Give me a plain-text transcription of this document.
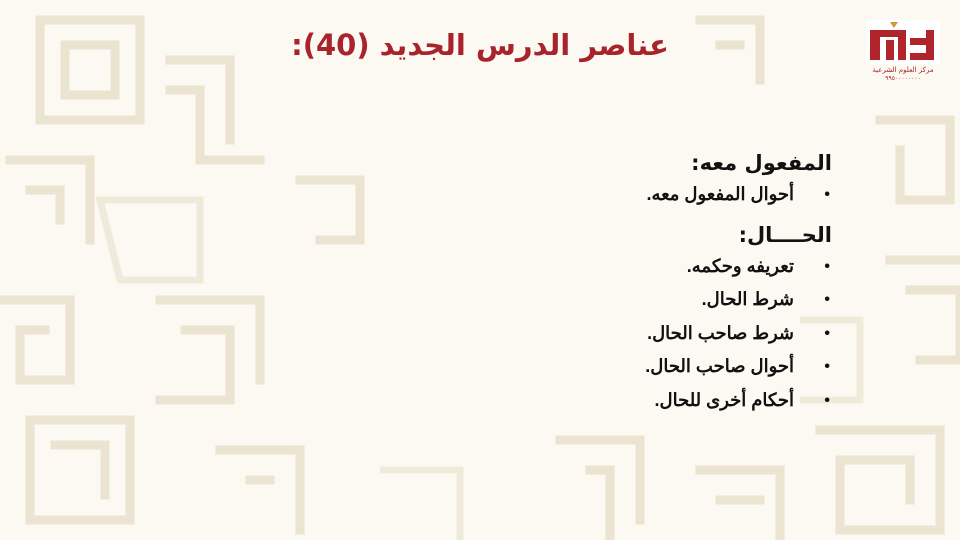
مركز العلوم الشرعية
٩٩٥٠٠٠٠٠٠٠٠
عناصر الدرس الجديد (40):
المفعول معه:
•
أحوال المفعول معه.
الحــــال:
•
تعريفه وحكمه.
•
شرط الحال.
•
شرط صاحب الحال.
•
أحوال صاحب الحال.
•
أحكام أخرى للحال.
